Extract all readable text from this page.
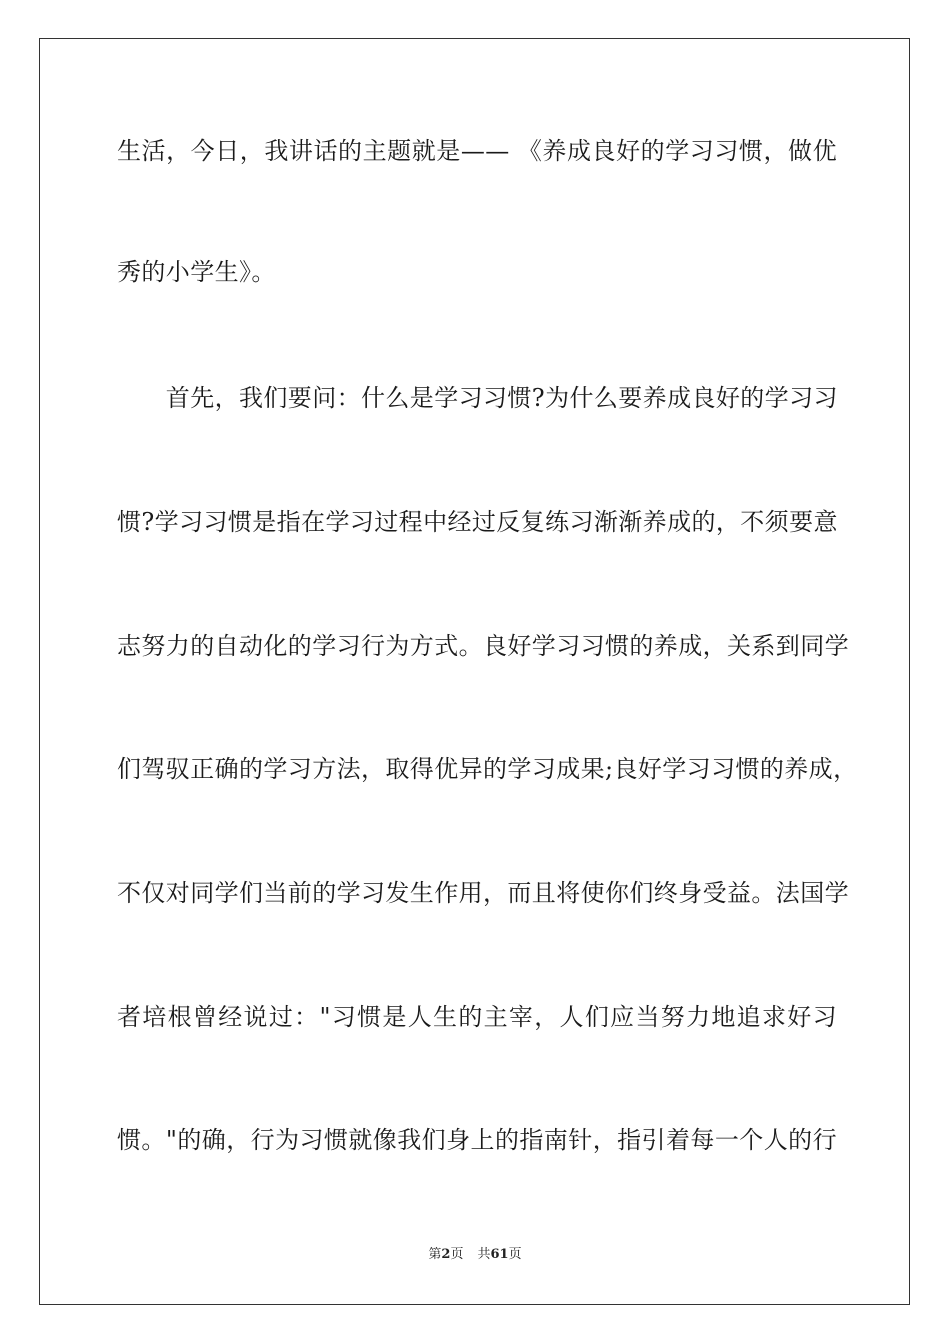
生活，今日，我讲话的主题就是—— 《养成良好的学习习惯，做优
秀的小学生》。
　　首先，我们要问：什么是学习习惯?为什么要养成良好的学习习
惯?学习习惯是指在学习过程中经过反复练习渐渐养成的，不须要意
志努力的自动化的学习行为方式。良好学习习惯的养成，关系到同学
们驾驭正确的学习方法，取得优异的学习成果;良好学习习惯的养成，
不仅对同学们当前的学习发生作用，而且将使你们终身受益。法国学
者培根曾经说过："习惯是人生的主宰，人们应当努力地追求好习
惯。"的确，行为习惯就像我们身上的指南针，指引着每一个人的行
第2页 共61页
